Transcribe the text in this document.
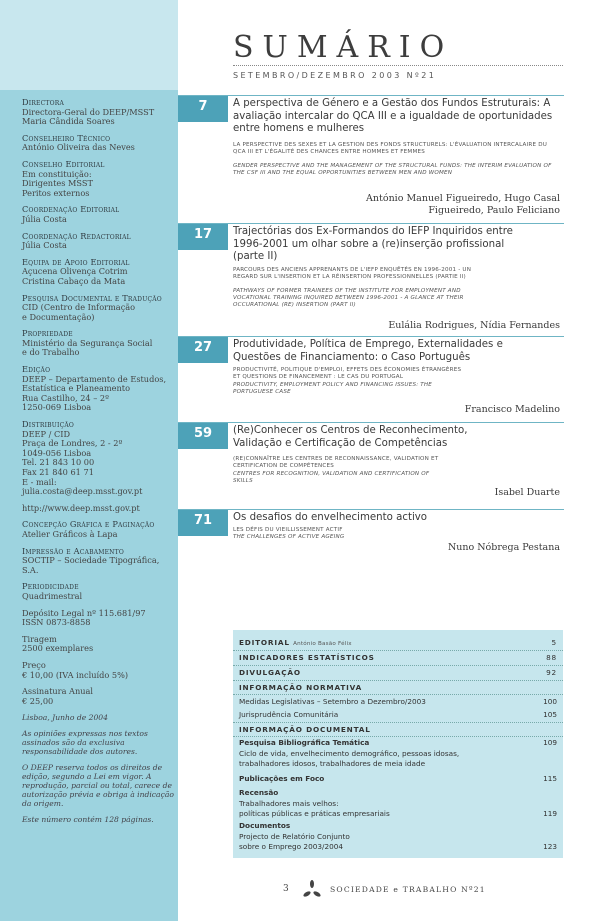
Directora
Directora-Geral do DEEP/MSST
Maria Cândida Soares
Conselheiro Técnico
António Oliveira das Neves
Conselho Editorial
Em constituição:
Dirigentes MSST
Peritos externos
Coordenação Editorial
Júlia Costa
Coordenação Redactorial
Júlia Costa
Equipa de Apoio Editorial
Açucena Olivença Cotrim
Cristina Cabaço da Mata
Pesquisa Documental e Tradução
CID (Centro de Informação
e Documentação)
Propriedade
Ministério da Segurança Social
e do Trabalho
Edição
DEEP – Departamento de Estudos,
Estatística e Planeamento
Rua Castilho, 24 – 2º
1250-069 Lisboa
Distribuição
DEEP / CID
Praça de Londres, 2 - 2º
1049-056 Lisboa
Tel. 21 843 10 00
Fax 21 840 61 71
E - mail: julia.costa@deep.msst.gov.pt
http://www.deep.msst.gov.pt
Concepção Gráfica e Paginação
Atelier Gráficos à Lapa
Impressão e Acabamento
SOCTIP – Sociedade Tipográfica, S.A.
Periodicidade
Quadrimestral
Depósito Legal nº 115.681/97
ISSN 0873-8858
Tiragem
2500 exemplares
Preço
€ 10,00 (IVA incluído 5%)
Assinatura Anual
€ 25,00
Lisboa, Junho de 2004
As opiniões expressas nos textos assinados são da exclusiva responsabilidade dos autores.
O DEEP reserva todos os direitos de edição, segundo a Lei em vigor. A reprodução, parcial ou total, carece de autorização prévia e obriga à indicação da origem.
Este número contém 128 páginas.
SUMÁRIO
SETEMBRO/DEZEMBRO 2003 Nº21
7	A perspectiva de Género e a Gestão dos Fundos Estruturais: A avaliação intercalar do QCA III e a igualdade de oportunidades entre homens e mulheres
LA PERSPECTIVE DES SEXES ET LA GESTION DES FONDS STRUCTURELS: L'ÉVALUATION INTERCALAIRE DU QCA III ET L'ÉGALITÉ DES CHANCES ENTRE HOMMES ET FEMMES
GENDER PERSPECTIVE AND THE MANAGEMENT OF THE STRUCTURAL FUNDS: THE INTERIM EVALUATION OF THE CSF III AND THE EQUAL OPPORTUNITIES BETWEEN MEN AND WOMEN
António Manuel Figueiredo, Hugo Casal Figueiredo, Paulo Feliciano
17	Trajectórias dos Ex-Formandos do IEFP Inquiridos entre 1996-2001 um olhar sobre a (re)inserção profissional (parte II)
PARCOURS DES ANCIENS APPRENANTS DE L'IEFP ENQUÊTÉS EN 1996-2001 - UN REGARD SUR L'INSERTION ET LA RÉINSERTION PROFESSIONNELLES (PARTIE II)
PATHWAYS OF FORMER TRAINEES OF THE INSTITUTE FOR EMPLOYMENT AND VOCATIONAL TRAINING INQUIRED BETWEEN 1996-2001 - A GLANCE AT THEIR OCCURATIONAL (RE) INSERTION (PART II)
Eulália Rodrigues, Nídia Fernandes
27	Produtividade, Política de Emprego, Externalidades e Questões de Financiamento: o Caso Português
PRODUCTIVITÉ, POLITIQUE D'EMPLOI, EFFETS DES ÉCONOMIES ÉTRANGÈRES ET QUESTIONS DE FINANCEMENT : LE CAS DU PORTUGAL
PRODUCTIVITY, EMPLOYMENT POLICY AND FINANCING ISSUES: THE PORTUGUESE CASE
Francisco Madelino
59	(Re)Conhecer os Centros de Reconhecimento, Validação e Certificação de Competências
(RE)CONNAÎTRE LES CENTRES DE RECONNAISSANCE, VALIDATION ET CERTIFICATION DE COMPÉTENCES
CENTRES FOR RECOGNITION, VALIDATION AND CERTIFICATION OF SKILLS
Isabel Duarte
71	Os desafios do envelhecimento activo
LES DÉFIS DU VIEILLISSEMENT ACTIF
THE CHALLENGES OF ACTIVE AGEING
Nuno Nóbrega Pestana
EDITORIAL António Basão Félix	5
INDICADORES ESTATÍSTICOS	88
DIVULGAÇÃO	92
INFORMAÇÃO NORMATIVA
Medidas Legislativas – Setembro a Dezembro/2003	100
Jurisprudência Comunitária	105
INFORMAÇÃO DOCUMENTAL
Pesquisa Bibliográfica Temática	109
Ciclo de vida, envelhecimento demográfico, pessoas idosas,
trabalhadores idosos, trabalhadores de meia idade
Publicações em Foco	115
Recensão
Trabalhadores mais velhos:
políticas públicas e práticas empresariais	119
Documentos
Projecto de Relatório Conjunto
sobre o Emprego 2003/2004	123
3	SOCIEDADE e TRABALHO Nº21
